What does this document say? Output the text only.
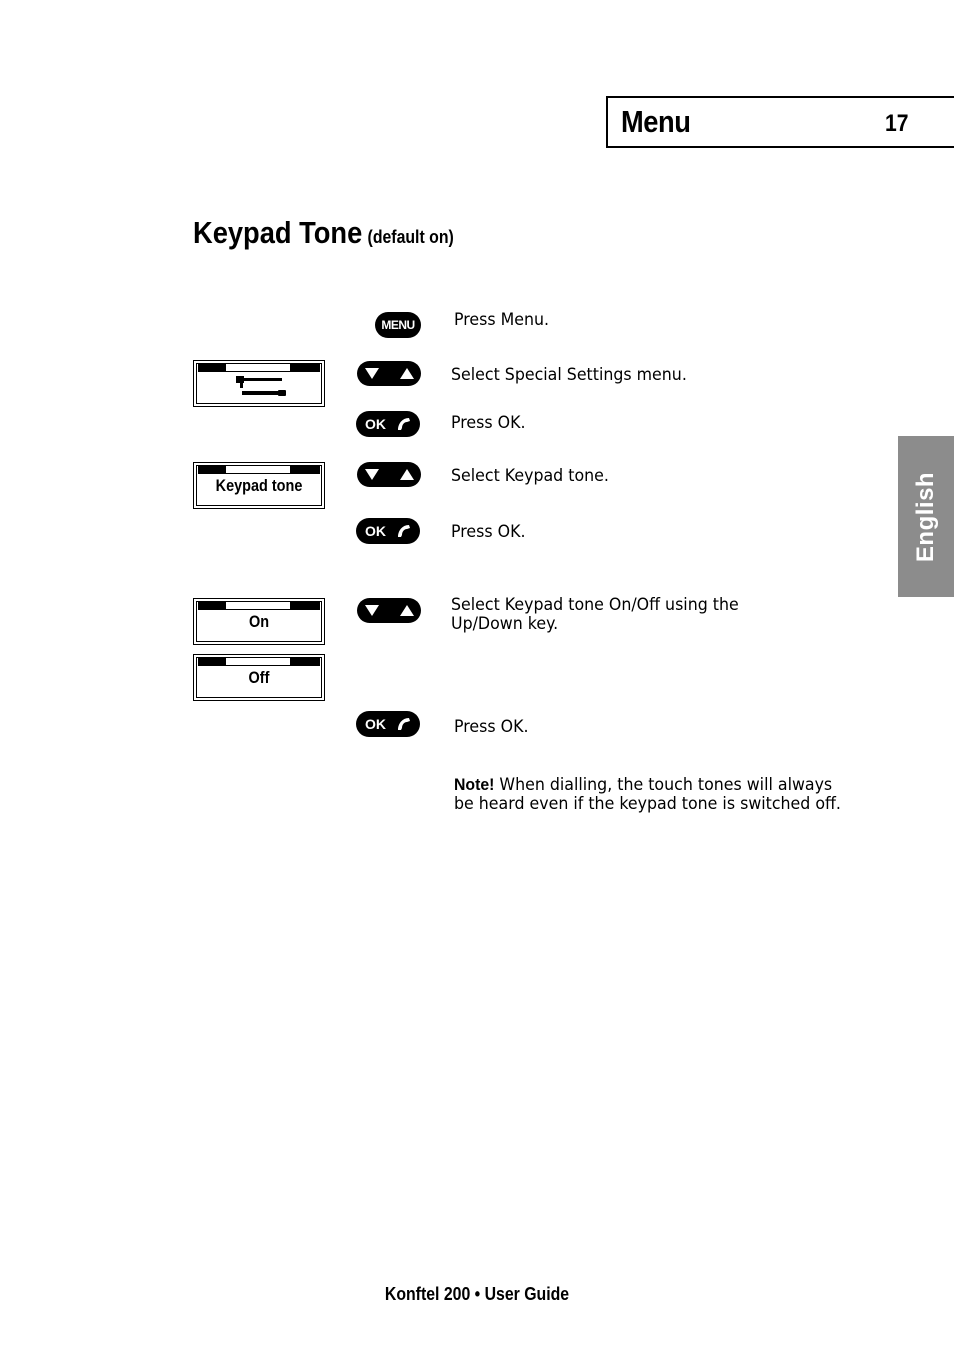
Menu	17
Keypad Tone (default on)
English
Keypad tone
On
Off
MENU	Press Menu.
Select Special Settings menu.
OK	Press OK.
Select Keypad tone.
OK	Press OK.
Select Keypad tone On/Off using the
Up/Down key.
OK	Press OK.
Note! When dialling, the touch tones will always be heard even if the keypad tone is switched off.
Konftel 200 • User Guide
